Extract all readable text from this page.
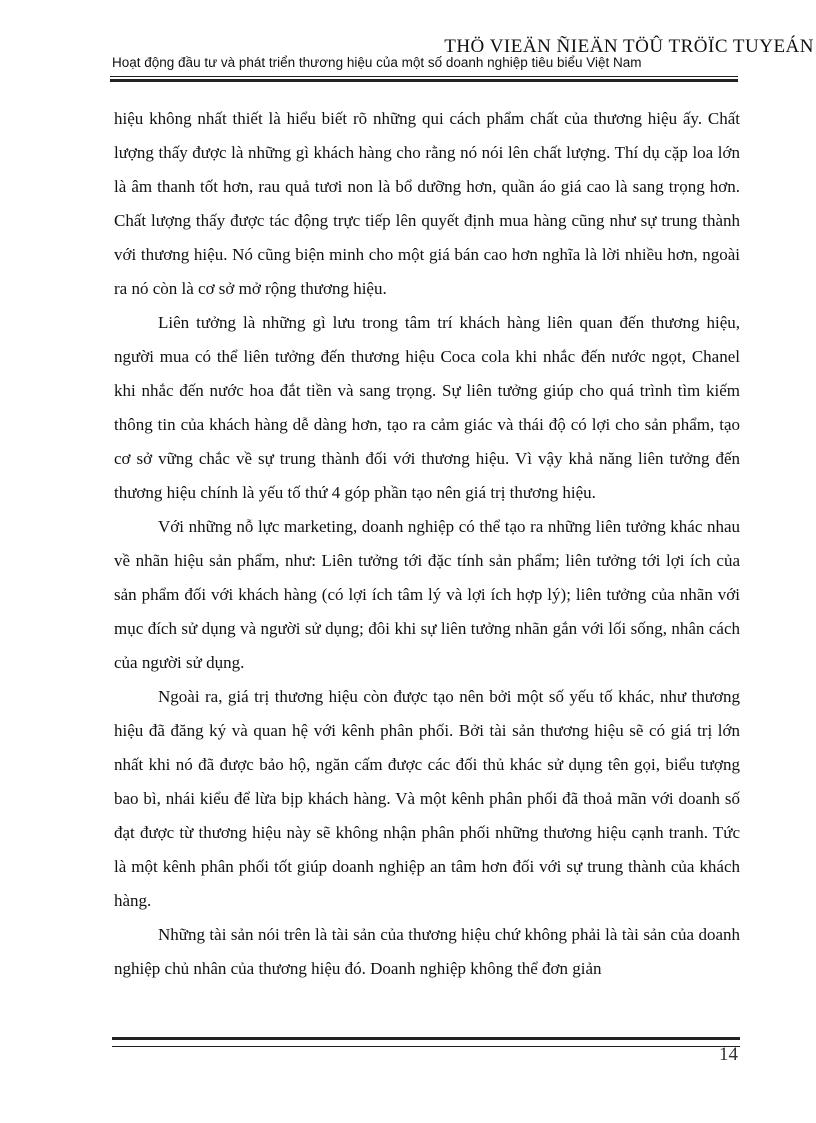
THÖ VIEÄN ÑIEÄN TÖÛ TRÖÏC TUYEÁN
Hoạt động đầu tư và phát triển thương hiệu của một số doanh nghiệp tiêu biểu Việt Nam

hiệu không nhất thiết là hiểu biết rõ những qui cách phẩm chất của thương hiệu ấy. Chất lượng thấy được là những gì khách hàng cho rằng nó nói lên chất lượng. Thí dụ cặp loa lớn là âm thanh tốt hơn, rau quả tươi non là bổ dưỡng hơn, quần áo giá cao là sang trọng hơn. Chất lượng thấy được tác động trực tiếp lên quyết định mua hàng cũng như sự trung thành với thương hiệu. Nó cũng biện minh cho một giá bán cao hơn nghĩa là lời nhiều hơn, ngoài ra nó còn là cơ sở mở rộng thương hiệu.

Liên tưởng là những gì lưu trong tâm trí khách hàng liên quan đến thương hiệu, người mua có thể liên tưởng đến thương hiệu Coca cola khi nhắc đến nước ngọt, Chanel khi nhắc đến nước hoa đắt tiền và sang trọng. Sự liên tưởng giúp cho quá trình tìm kiếm thông tin của khách hàng dễ dàng hơn, tạo ra cảm giác và thái độ có lợi cho sản phẩm, tạo cơ sở vững chắc về sự trung thành đối với thương hiệu. Vì vậy khả năng liên tưởng đến thương hiệu chính là yếu tố thứ 4 góp phần tạo nên giá trị thương hiệu.

Với những nỗ lực marketing, doanh nghiệp có thể tạo ra những liên tưởng khác nhau về nhãn hiệu sản phẩm, như: Liên tưởng tới đặc tính sản phẩm; liên tưởng tới lợi ích của sản phẩm đối với khách hàng (có lợi ích tâm lý và lợi ích hợp lý); liên tưởng của nhãn với mục đích sử dụng và người sử dụng; đôi khi sự liên tưởng nhãn gắn với lối sống, nhân cách của người sử dụng.

Ngoài ra, giá trị thương hiệu còn được tạo nên bởi một số yếu tố khác, như thương hiệu đã đăng ký và quan hệ với kênh phân phối. Bởi tài sản thương hiệu sẽ có giá trị lớn nhất khi nó đã được bảo hộ, ngăn cấm được các đối thủ khác sử dụng tên gọi, biểu tượng bao bì, nhái kiểu để lừa bịp khách hàng. Và một kênh phân phối đã thoả mãn với doanh số đạt được từ thương hiệu này sẽ không nhận phân phối những thương hiệu cạnh tranh. Tức là một kênh phân phối tốt giúp doanh nghiệp an tâm hơn đối với sự trung thành của khách hàng.

Những tài sản nói trên là tài sản của thương hiệu chứ không phải là tài sản của doanh nghiệp chủ nhân của thương hiệu đó. Doanh nghiệp không thể đơn giản

14
